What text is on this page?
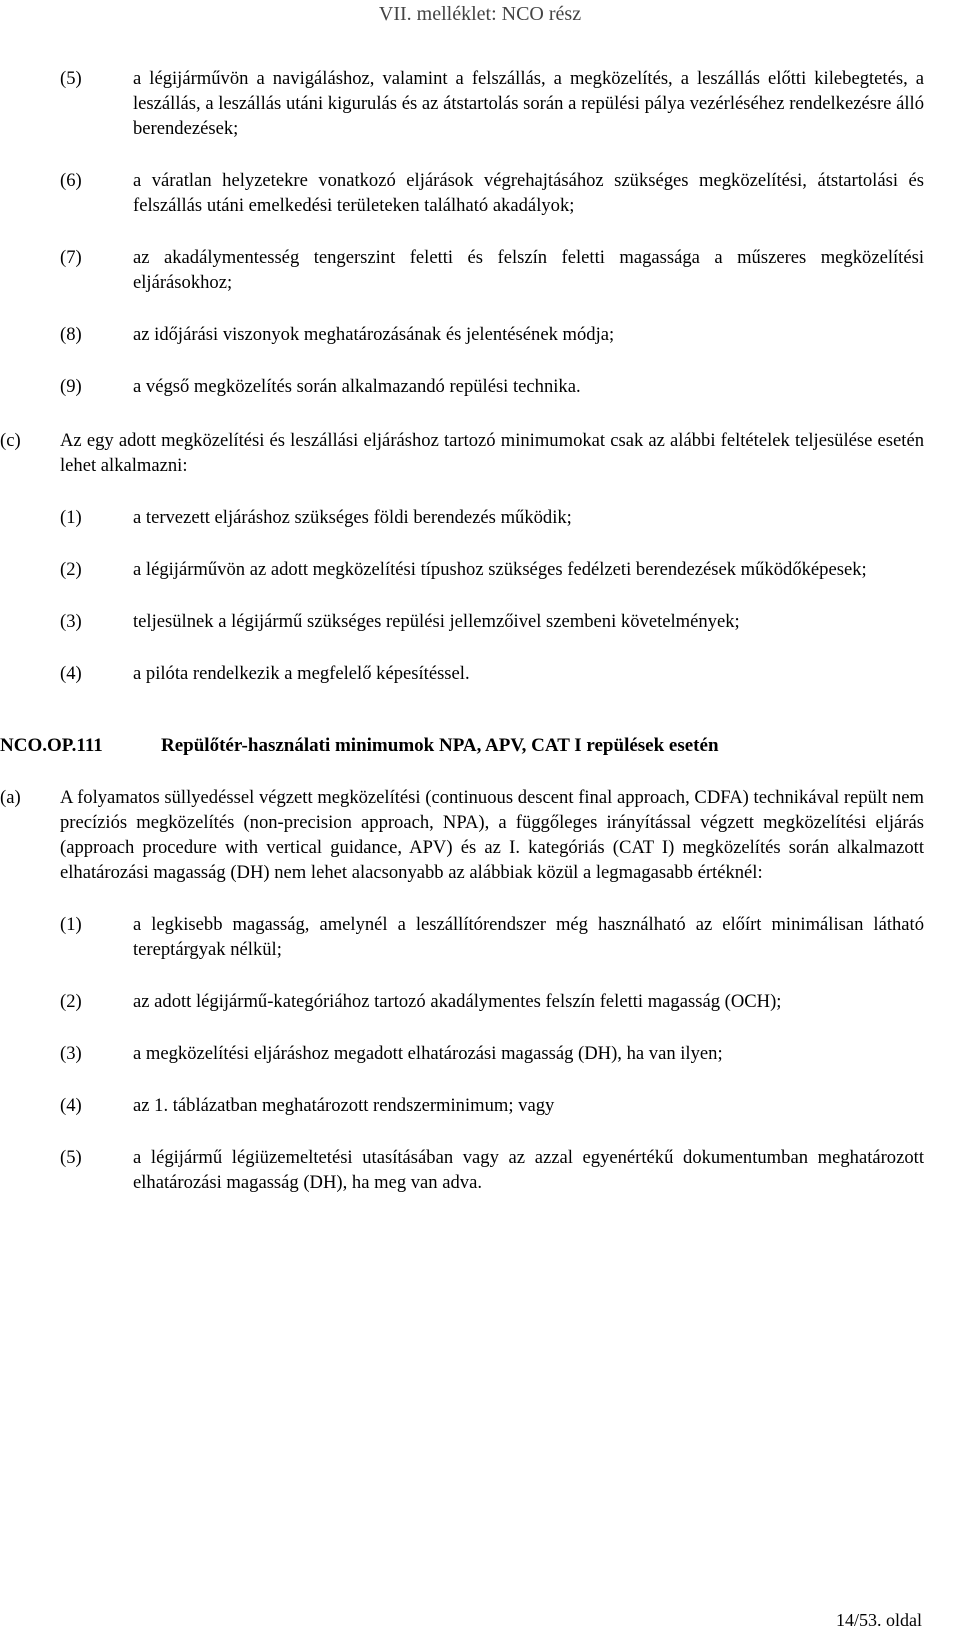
VII. melléklet: NCO rész
(5)	a légijárművön a navigáláshoz, valamint a felszállás, a megközelítés, a leszállás előtti kilebegtetés, a leszállás, a leszállás utáni kigurulás és az átstartolás során a repülési pálya vezérléséhez rendelkezésre álló berendezések;
(6)	a váratlan helyzetekre vonatkozó eljárások végrehajtásához szükséges megközelítési, átstartolási és felszállás utáni emelkedési területeken található akadályok;
(7)	az akadálymentesség tengerszint feletti és felszín feletti magassága a műszeres megközelítési eljárásokhoz;
(8)	az időjárási viszonyok meghatározásának és jelentésének módja;
(9)	a végső megközelítés során alkalmazandó repülési technika.
(c)	Az egy adott megközelítési és leszállási eljáráshoz tartozó minimumokat csak az alábbi feltételek teljesülése esetén lehet alkalmazni:
(1)	a tervezett eljáráshoz szükséges földi berendezés működik;
(2)	a légijárművön az adott megközelítési típushoz szükséges fedélzeti berendezések működőképesek;
(3)	teljesülnek a légijármű szükséges repülési jellemzőivel szembeni követelmények;
(4)	a pilóta rendelkezik a megfelelő képesítéssel.
NCO.OP.111	Repülőtér-használati minimumok NPA, APV, CAT I repülések esetén
(a)	A folyamatos süllyedéssel végzett megközelítési (continuous descent final approach, CDFA) technikával repült nem precíziós megközelítés (non-precision approach, NPA), a függőleges irányítással végzett megközelítési eljárás (approach procedure with vertical guidance, APV) és az I. kategóriás (CAT I) megközelítés során alkalmazott elhatározási magasság (DH) nem lehet alacsonyabb az alábbiak közül a legmagasabb értéknél:
(1)	a legkisebb magasság, amelynél a leszállítórendszer még használható az előírt minimálisan látható tereptárgyak nélkül;
(2)	az adott légijármű-kategóriához tartozó akadálymentes felszín feletti magasság (OCH);
(3)	a megközelítési eljáráshoz megadott elhatározási magasság (DH), ha van ilyen;
(4)	az 1. táblázatban meghatározott rendszerminimum; vagy
(5)	a légijármű légiüzemeltetési utasításában vagy az azzal egyenértékű dokumentumban meghatározott elhatározási magasság (DH), ha meg van adva.
14/53. oldal
